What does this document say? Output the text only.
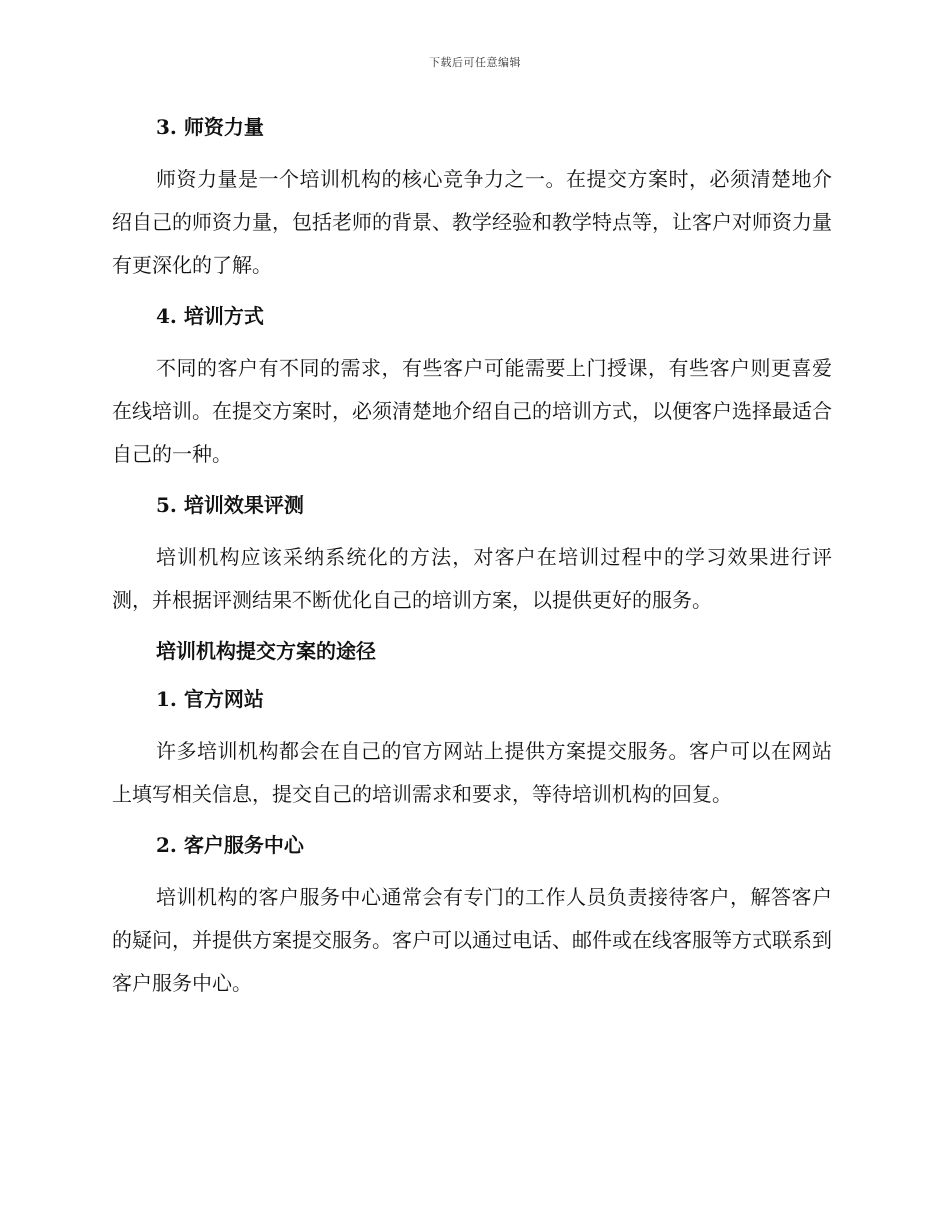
下载后可任意编辑
3. 师资力量

师资力量是一个培训机构的核心竞争力之一。在提交方案时，必须清楚地介绍自己的师资力量，包括老师的背景、教学经验和教学特点等，让客户对师资力量有更深化的了解。

4. 培训方式

不同的客户有不同的需求，有些客户可能需要上门授课，有些客户则更喜爱在线培训。在提交方案时，必须清楚地介绍自己的培训方式，以便客户选择最适合自己的一种。

5. 培训效果评测

培训机构应该采纳系统化的方法，对客户在培训过程中的学习效果进行评测，并根据评测结果不断优化自己的培训方案，以提供更好的服务。

培训机构提交方案的途径
1. 官方网站

许多培训机构都会在自己的官方网站上提供方案提交服务。客户可以在网站上填写相关信息，提交自己的培训需求和要求，等待培训机构的回复。

2. 客户服务中心

培训机构的客户服务中心通常会有专门的工作人员负责接待客户，解答客户的疑问，并提供方案提交服务。客户可以通过电话、邮件或在线客服等方式联系到客户服务中心。
